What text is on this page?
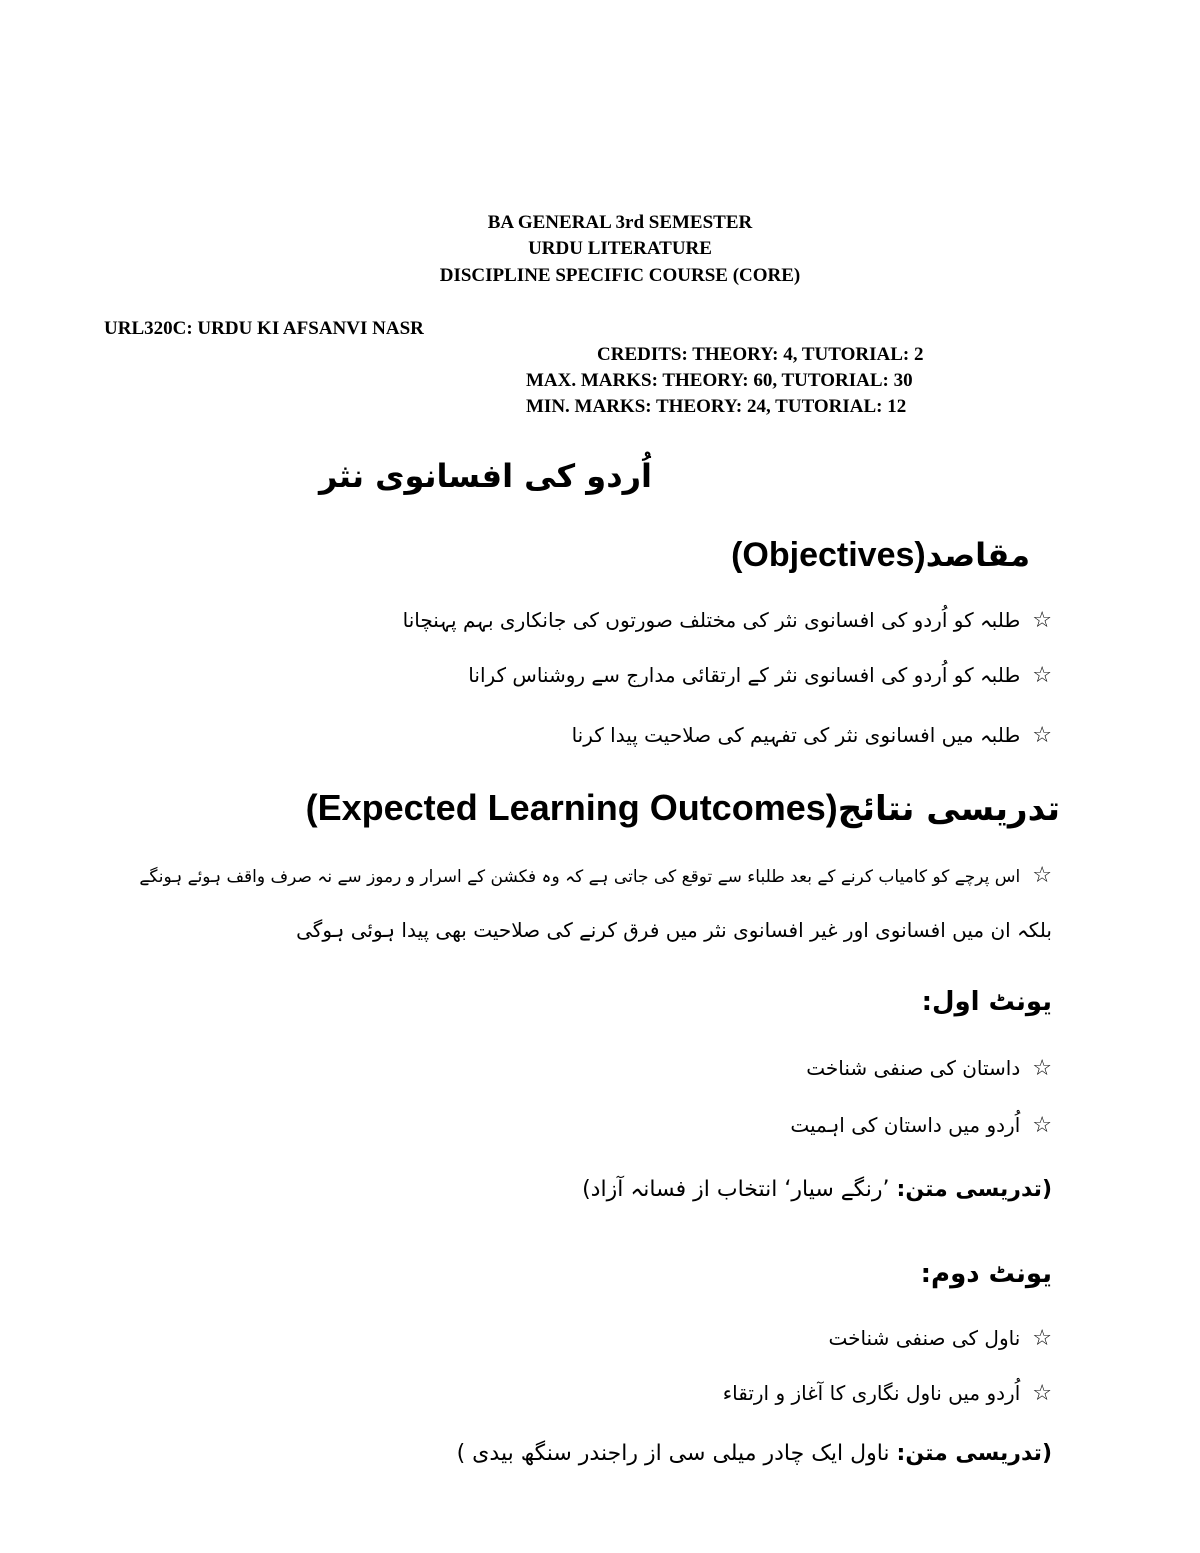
BA GENERAL 3rd SEMESTER
URDU LITERATURE
DISCIPLINE SPECIFIC COURSE (CORE)
URL320C: URDU KI AFSANVI NASR
CREDITS: THEORY: 4, TUTORIAL: 2
MAX. MARKS: THEORY: 60, TUTORIAL: 30
MIN. MARKS: THEORY: 24, TUTORIAL: 12
اُردو کی افسانوی نثر
مقاصد(Objectives)
☆طلبہ کو اُردو کی افسانوی نثر کی مختلف صورتوں کی جانکاری بہم پہنچانا
☆طلبہ کو اُردو کی افسانوی نثر کے ارتقائی مدارج سے روشناس کرانا
☆طلبہ میں افسانوی نثر کی تفہیم کی صلاحیت پیدا کرنا
تدریسی نتائج(Expected Learning Outcomes)
☆اس پرچے کو کامیاب کرنے کے بعد طلباء سے توقع کی جاتی ہے کہ وہ فکشن کے اسرار و رموز سے نہ صرف واقف ہوئے ہونگے
بلکہ ان میں افسانوی اور غیر افسانوی نثر میں فرق کرنے کی صلاحیت بھی پیدا ہوئی ہوگی
یونٹ اول:
☆داستان کی صنفی شناخت
☆اُردو میں داستان کی اہمیت
(تدریسی متن: ’رنگے سیار‘ انتخاب از فسانہ آزاد)
یونٹ دوم:
☆ناول کی صنفی شناخت
☆اُردو میں ناول نگاری کا آغاز و ارتقاء
(تدریسی متن: ناول ایک چادر میلی سی از راجندر سنگھ بیدی )
